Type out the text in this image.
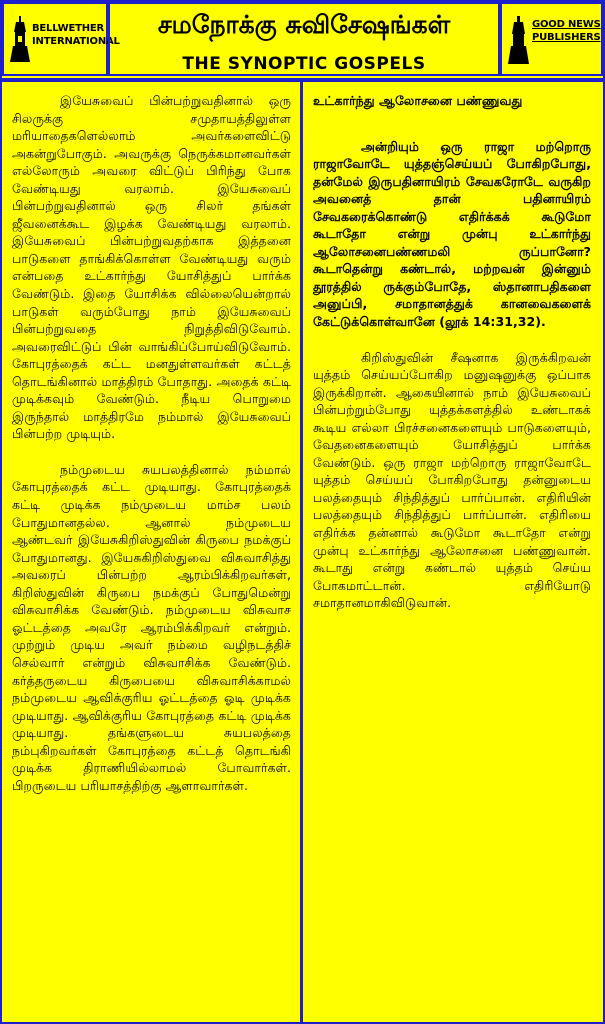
BELLWETHER
INTERNATIONAL
சமநோக்கு சுவிசேஷங்கள்
THE SYNOPTIC GOSPELS
GOOD NEWS
PUBLISHERS

இயேசுவைப் பின்பற்றுவதினால் ஒரு சிலருக்கு சமுதாயத்திலுள்ள மரியாதைகளெல்லாம் அவர்களைவிட்டு அகன்றுபோகும். அவருக்கு நெருக்கமானவர்கள் எல்லோரும் அவரை விட்டுப் பிரிந்து போக வேண்டியது வரலாம். இயேசுவைப் பின்பற்றுவதினால் ஒரு சிலர் தங்கள் ஜீவனைக்கூட இழக்க வேண்டியது வரலாம். இயேசுவைப் பின்பற்றுவதற்காக இத்தனை பாடுகளை தாங்கிக்கொள்ள வேண்டியது வரும் என்பதை உட்கார்ந்து யோசித்துப் பார்க்க வேண்டும். இதை யோசிக்க வில்லையென்றால் பாடுகள் வரும்போது நாம் இயேசுவைப் பின்பற்றுவதை நிறுத்திவிடுவோம். அவரைவிட்டுப் பின் வாங்கிப்போய்விடுவோம். கோபுரத்தைக் கட்ட மனதுள்ளவர்கள் கட்டத் தொடங்கினால் மாத்திரம் போதாது. அதைக் கட்டி முடிக்கவும் வேண்டும். நீடிய பொறுமை இருந்தால் மாத்திரமே நம்மால் இயேசுவைப் பின்பற்ற முடியும்.

நம்முடைய சுயபலத்தினால் நம்மால் கோபுரத்தைக் கட்ட முடியாது. கோபுரத்தைக் கட்டி முடிக்க நம்முடைய மாம்ச பலம் போதுமானதல்ல. ஆனால் நம்முடைய ஆண்டவர் இயேசுகிறிஸ்துவின் கிருபை நமக்குப் போதுமானது. இயேசுகிறிஸ்துவை விசுவாசித்து அவரைப் பின்பற்ற ஆரம்பிக்கிறவர்கள், கிறிஸ்துவின் கிருபை நமக்குப் போதுமென்று விசுவாசிக்க வேண்டும். நம்முடைய விசுவாச ஓட்டத்தை அவரே ஆரம்பிக்கிறவர் என்றும். முற்றும் முடிய அவர் நம்மை வழிநடத்திச் செல்வார் என்றும் விசுவாசிக்க வேண்டும். கர்த்தருடைய கிருபையை விசுவாசிக்காமல் நம்முடைய ஆவிக்குரிய ஓட்டத்தை ஓடி முடிக்க முடியாது. ஆவிக்குரிய கோபுரத்தை கட்டி முடிக்க முடியாது. தங்களுடைய சுயபலத்தை நம்புகிறவர்கள் கோபுரத்தை கட்டத் தொடங்கி முடிக்க திராணியில்லாமல் போவார்கள். பிறருடைய பரியாசத்திற்கு ஆளாவார்கள்.

உட்கார்ந்து ஆலோசனை பண்ணுவது

அன்றியும் ஒரு ராஜா மற்றொரு ராஜாவோடே யுத்தஞ்செய்யப் போகிறபோது, தன்மேல் இருபதினாயிரம் சேவகரோடே வருகிற அவனைத் தான் பதினாயிரம் சேவகரைக்கொண்டு எதிர்க்கக் கூடுமோ கூடாதோ என்று முன்பு உட்கார்ந்து ஆலோசனைபண்ணமலி ருப்பானோ? கூடாதென்று கண்டால், மற்றவன் இன்னும் தூரத்தில் ருக்கும்போதே, ஸ்தானாபதிகளை அனுப்பி, சமாதானத்துக் கானவைகளைக் கேட்டுக்கொள்வானே (லூக் 14:31,32).

கிறிஸ்துவின் சீஷனாக இருக்கிறவன் யுத்தம் செய்யப்போகிற மனுஷனுக்கு ஒப்பாக இருக்கிறான். ஆகையினால் நாம் இயேசுவைப் பின்பற்றும்போது யுத்தக்களத்தில் உண்டாகக் கூடிய எல்லா பிரச்சனைகளையும் பாடுகளையும், வேதனைகளையும் யோசித்துப் பார்க்க வேண்டும். ஒரு ராஜா மற்றொரு ராஜாவோடே யுத்தம் செய்யப் போகிறபோது தன்னுடைய பலத்தையும் சிந்தித்துப் பார்ப்பான். எதிரியின் பலத்தையும் சிந்தித்துப் பார்ப்பான். எதிரியை எதிர்க்க தன்னால் கூடுமோ கூடாதோ என்று முன்பு உட்கார்ந்து ஆலோசனை பண்ணுவான். கூடாது என்று கண்டால் யுத்தம் செய்ய போகமாட்டான். எதிரியோடு சமாதானமாகிவிடுவான்.
